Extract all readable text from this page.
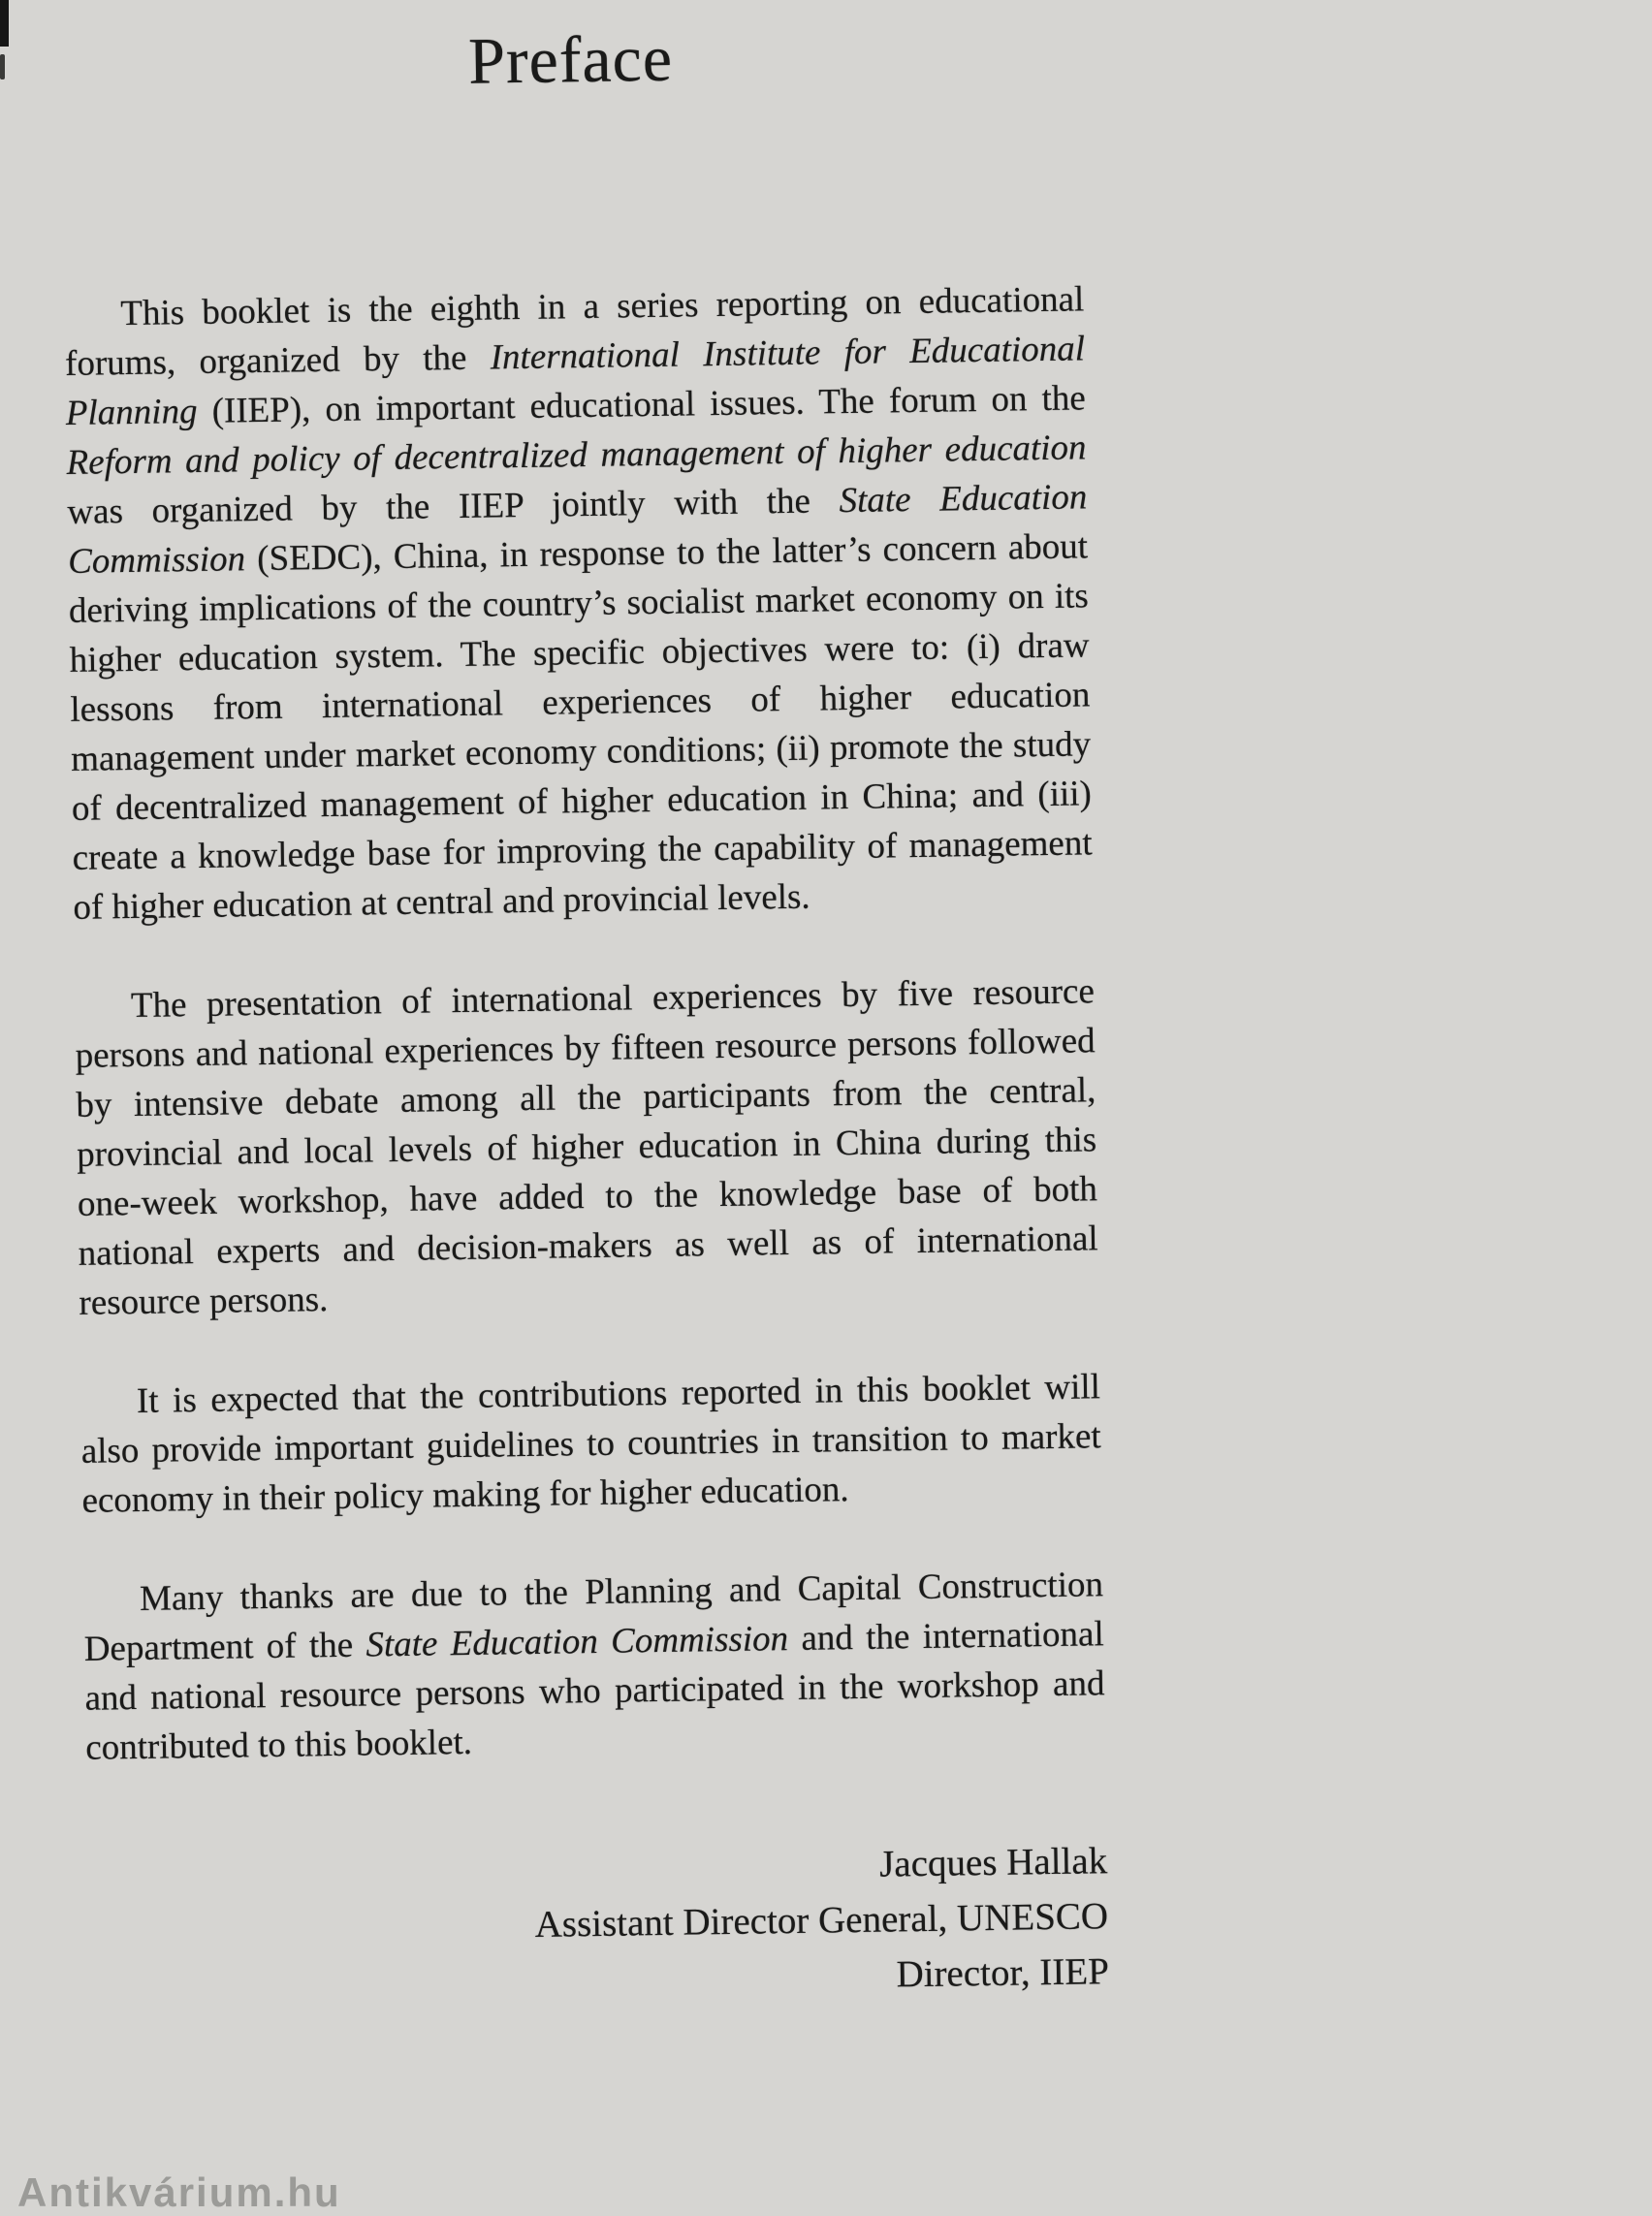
Preface

This booklet is the eighth in a series reporting on educational forums, organized by the International Institute for Educational Planning (IIEP), on important educational issues. The forum on the Reform and policy of decentralized management of higher education was organized by the IIEP jointly with the State Education Commission (SEDC), China, in response to the latter’s concern about deriving implications of the country’s socialist market economy on its higher education system. The specific objectives were to: (i) draw lessons from international experiences of higher education management under market economy conditions; (ii) promote the study of decentralized management of higher education in China; and (iii) create a knowledge base for improving the capability of management of higher education at central and provincial levels.

The presentation of international experiences by five resource persons and national experiences by fifteen resource persons followed by intensive debate among all the participants from the central, provincial and local levels of higher education in China during this one-week workshop, have added to the knowledge base of both national experts and decision-makers as well as of international resource persons.

It is expected that the contributions reported in this booklet will also provide important guidelines to countries in transition to market economy in their policy making for higher education.

Many thanks are due to the Planning and Capital Construction Department of the State Education Commission and the international and national resource persons who participated in the workshop and contributed to this booklet.

Jacques Hallak
Assistant Director General, UNESCO
Director, IIEP
Antikvárium.hu
